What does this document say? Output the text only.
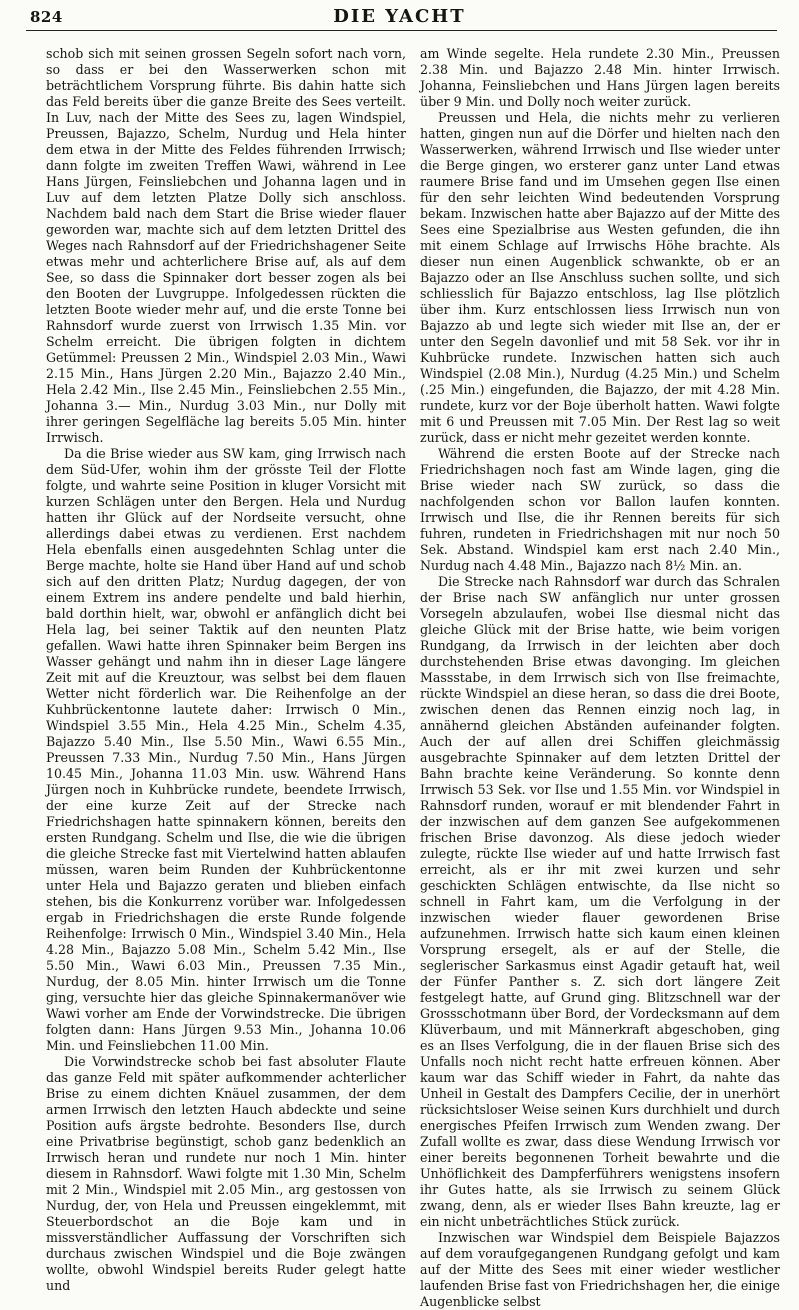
824	DIE YACHT

schob sich mit seinen grossen Segeln sofort nach vorn, so dass er bei den Wasserwerken schon mit beträchtlichem Vorsprung führte. Bis dahin hatte sich das Feld bereits über die ganze Breite des Sees verteilt. In Luv, nach der Mitte des Sees zu, lagen Windspiel, Preussen, Bajazzo, Schelm, Nurdug und Hela hinter dem etwa in der Mitte des Feldes führenden Irrwisch; dann folgte im zweiten Treffen Wawi, während in Lee Hans Jürgen, Feinsliebchen und Johanna lagen und in Luv auf dem letzten Platze Dolly sich anschloss. Nachdem bald nach dem Start die Brise wieder flauer geworden war, machte sich auf dem letzten Drittel des Weges nach Rahnsdorf auf der Friedrichshagener Seite etwas mehr und achterlichere Brise auf, als auf dem See, so dass die Spinnaker dort besser zogen als bei den Booten der Luvgruppe. Infolgedessen rückten die letzten Boote wieder mehr auf, und die erste Tonne bei Rahnsdorf wurde zuerst von Irrwisch 1.35 Min. vor Schelm erreicht. Die übrigen folgten in dichtem Getümmel: Preussen 2 Min., Windspiel 2.03 Min., Wawi 2.15 Min., Hans Jürgen 2.20 Min., Bajazzo 2.40 Min., Hela 2.42 Min., Ilse 2.45 Min., Feinsliebchen 2.55 Min., Johanna 3.— Min., Nurdug 3.03 Min., nur Dolly mit ihrer geringen Segelfläche lag bereits 5.05 Min. hinter Irrwisch.

Da die Brise wieder aus SW kam, ging Irrwisch nach dem Süd-Ufer, wohin ihm der grösste Teil der Flotte folgte, und wahrte seine Position in kluger Vorsicht mit kurzen Schlägen unter den Bergen. Hela und Nurdug hatten ihr Glück auf der Nordseite versucht, ohne allerdings dabei etwas zu verdienen. Erst nachdem Hela ebenfalls einen ausgedehnten Schlag unter die Berge machte, holte sie Hand über Hand auf und schob sich auf den dritten Platz; Nurdug dagegen, der von einem Extrem ins andere pendelte und bald hierhin, bald dorthin hielt, war, obwohl er anfänglich dicht bei Hela lag, bei seiner Taktik auf den neunten Platz gefallen. Wawi hatte ihren Spinnaker beim Bergen ins Wasser gehängt und nahm ihn in dieser Lage längere Zeit mit auf die Kreuztour, was selbst bei dem flauen Wetter nicht förderlich war. Die Reihenfolge an der Kuhbrückentonne lautete daher: Irrwisch 0 Min., Windspiel 3.55 Min., Hela 4.25 Min., Schelm 4.35, Bajazzo 5.40 Min., Ilse 5.50 Min., Wawi 6.55 Min., Preussen 7.33 Min., Nurdug 7.50 Min., Hans Jürgen 10.45 Min., Johanna 11.03 Min. usw. Während Hans Jürgen noch in Kuhbrücke rundete, beendete Irrwisch, der eine kurze Zeit auf der Strecke nach Friedrichshagen hatte spinnakern können, bereits den ersten Rundgang. Schelm und Ilse, die wie die übrigen die gleiche Strecke fast mit Viertelwind hatten ablaufen müssen, waren beim Runden der Kuhbrückentonne unter Hela und Bajazzo geraten und blieben einfach stehen, bis die Konkurrenz vorüber war. Infolgedessen ergab in Friedrichshagen die erste Runde folgende Reihenfolge: Irrwisch 0 Min., Windspiel 3.40 Min., Hela 4.28 Min., Bajazzo 5.08 Min., Schelm 5.42 Min., Ilse 5.50 Min., Wawi 6.03 Min., Preussen 7.35 Min., Nurdug, der 8.05 Min. hinter Irrwisch um die Tonne ging, versuchte hier das gleiche Spinnakermanöver wie Wawi vorher am Ende der Vorwindstrecke. Die übrigen folgten dann: Hans Jürgen 9.53 Min., Johanna 10.06 Min. und Feinsliebchen 11.00 Min.

Die Vorwindstrecke schob bei fast absoluter Flaute das ganze Feld mit später aufkommender achterlicher Brise zu einem dichten Knäuel zusammen, der dem armen Irrwisch den letzten Hauch abdeckte und seine Position aufs ärgste bedrohte. Besonders Ilse, durch eine Privatbrise begünstigt, schob ganz bedenklich an Irrwisch heran und rundete nur noch 1 Min. hinter diesem in Rahnsdorf. Wawi folgte mit 1.30 Min, Schelm mit 2 Min., Windspiel mit 2.05 Min., arg gestossen von Nurdug, der, von Hela und Preussen eingeklemmt, mit Steuerbordschot an die Boje kam und in missverständlicher Auffassung der Vorschriften sich durchaus zwischen Windspiel und die Boje zwängen wollte, obwohl Windspiel bereits Ruder gelegt hatte und

am Winde segelte. Hela rundete 2.30 Min., Preussen 2.38 Min. und Bajazzo 2.48 Min. hinter Irrwisch. Johanna, Feinsliebchen und Hans Jürgen lagen bereits über 9 Min. und Dolly noch weiter zurück.

Preussen und Hela, die nichts mehr zu verlieren hatten, gingen nun auf die Dörfer und hielten nach den Wasserwerken, während Irrwisch und Ilse wieder unter die Berge gingen, wo ersterer ganz unter Land etwas raumere Brise fand und im Umsehen gegen Ilse einen für den sehr leichten Wind bedeutenden Vorsprung bekam. Inzwischen hatte aber Bajazzo auf der Mitte des Sees eine Spezialbrise aus Westen gefunden, die ihn mit einem Schlage auf Irrwischs Höhe brachte. Als dieser nun einen Augenblick schwankte, ob er an Bajazzo oder an Ilse Anschluss suchen sollte, und sich schliesslich für Bajazzo entschloss, lag Ilse plötzlich über ihm. Kurz entschlossen liess Irrwisch nun von Bajazzo ab und legte sich wieder mit Ilse an, der er unter den Segeln davonlief und mit 58 Sek. vor ihr in Kuhbrücke rundete. Inzwischen hatten sich auch Windspiel (2.08 Min.), Nurdug (4.25 Min.) und Schelm (.25 Min.) eingefunden, die Bajazzo, der mit 4.28 Min. rundete, kurz vor der Boje überholt hatten. Wawi folgte mit 6 und Preussen mit 7.05 Min. Der Rest lag so weit zurück, dass er nicht mehr gezeitet werden konnte.

Während die ersten Boote auf der Strecke nach Friedrichshagen noch fast am Winde lagen, ging die Brise wieder nach SW zurück, so dass die nachfolgenden schon vor Ballon laufen konnten. Irrwisch und Ilse, die ihr Rennen bereits für sich fuhren, rundeten in Friedrichshagen mit nur noch 50 Sek. Abstand. Windspiel kam erst nach 2.40 Min., Nurdug nach 4.48 Min., Bajazzo nach 8½ Min. an.

Die Strecke nach Rahnsdorf war durch das Schralen der Brise nach SW anfänglich nur unter grossen Vorsegeln abzulaufen, wobei Ilse diesmal nicht das gleiche Glück mit der Brise hatte, wie beim vorigen Rundgang, da Irrwisch in der leichten aber doch durchstehenden Brise etwas davonging. Im gleichen Massstabe, in dem Irrwisch sich von Ilse freimachte, rückte Windspiel an diese heran, so dass die drei Boote, zwischen denen das Rennen einzig noch lag, in annähernd gleichen Abständen aufeinander folgten. Auch der auf allen drei Schiffen gleichmässig ausgebrachte Spinnaker auf dem letzten Drittel der Bahn brachte keine Veränderung. So konnte denn Irrwisch 53 Sek. vor Ilse und 1.55 Min. vor Windspiel in Rahnsdorf runden, worauf er mit blendender Fahrt in der inzwischen auf dem ganzen See aufgekommenen frischen Brise davonzog. Als diese jedoch wieder zulegte, rückte Ilse wieder auf und hatte Irrwisch fast erreicht, als er ihr mit zwei kurzen und sehr geschickten Schlägen entwischte, da Ilse nicht so schnell in Fahrt kam, um die Verfolgung in der inzwischen wieder flauer gewordenen Brise aufzunehmen. Irrwisch hatte sich kaum einen kleinen Vorsprung ersegelt, als er auf der Stelle, die seglerischer Sarkasmus einst Agadir getauft hat, weil der Fünfer Panther s. Z. sich dort längere Zeit festgelegt hatte, auf Grund ging. Blitzschnell war der Grossschotmann über Bord, der Vordecksmann auf dem Klüverbaum, und mit Männerkraft abgeschoben, ging es an Ilses Verfolgung, die in der flauen Brise sich des Unfalls noch nicht recht hatte erfreuen können. Aber kaum war das Schiff wieder in Fahrt, da nahte das Unheil in Gestalt des Dampfers Cecilie, der in unerhört rücksichtsloser Weise seinen Kurs durchhielt und durch energisches Pfeifen Irrwisch zum Wenden zwang. Der Zufall wollte es zwar, dass diese Wendung Irrwisch vor einer bereits begonnenen Torheit bewahrte und die Unhöflichkeit des Dampferführers wenigstens insofern ihr Gutes hatte, als sie Irrwisch zu seinem Glück zwang, denn, als er wieder Ilses Bahn kreuzte, lag er ein nicht unbeträchtliches Stück zurück.

Inzwischen war Windspiel dem Beispiele Bajazzos auf dem voraufgegangenen Rundgang gefolgt und kam auf der Mitte des Sees mit einer wieder westlicher laufenden Brise fast von Friedrichshagen her, die einige Augenblicke selbst
